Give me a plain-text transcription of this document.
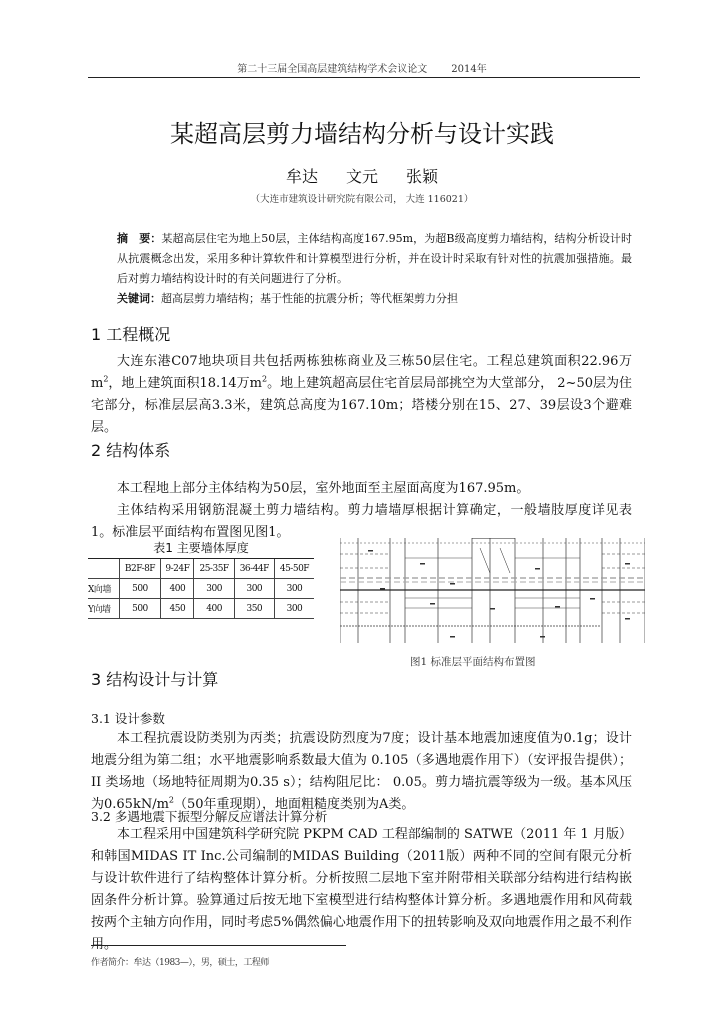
第二十三届全国高层建筑结构学术会议论文 2014年
某超高层剪力墙结构分析与设计实践
牟达 文元 张颖
（大连市建筑设计研究院有限公司， 大连 116021）
摘　要：某超高层住宅为地上50层，主体结构高度167.95m，为超B级高度剪力墙结构，结构分析设计时从抗震概念出发，采用多种计算软件和计算模型进行分析，并在设计时采取有针对性的抗震加强措施。最后对剪力墙结构设计时的有关问题进行了分析。
关键词：超高层剪力墙结构；基于性能的抗震分析；等代框架剪力分担
1 工程概况

大连东港C07地块项目共包括两栋独栋商业及三栋50层住宅。工程总建筑面积22.96万$m^2$，地上建筑面积18.14万$m^2$。地上建筑超高层住宅首层局部挑空为大堂部分， 2~50层为住宅部分，标准层层高3.3米，建筑总高度为167.10m；塔楼分别在15、27、39层设3个避难层。

2 结构体系

本工程地上部分主体结构为50层，室外地面至主屋面高度为167.95m。

主体结构采用钢筋混凝土剪力墙结构。剪力墙墙厚根据计算确定，一般墙肢厚度详见表1。标准层平面结构布置图见图1。

表1 主要墙体厚度
	B2F-8F	9-24F	25-35F	36-44F	45-50F
X向墙	500	400	300	300	300
Y向墙	500	450	400	350	300
图1 标准层平面结构布置图
3 结构设计与计算
3.1 设计参数

本工程抗震设防类别为丙类；抗震设防烈度为7度；设计基本地震加速度值为0.1g；设计地震分组为第二组；水平地震影响系数最大值为 0.105（多遇地震作用下）（安评报告提供）；II 类场地（场地特征周期为0.35 s）；结构阻尼比： 0.05。剪力墙抗震等级为一级。基本风压为$0.65kN/m^2(50$年重现期），地面粗糙度类别为A类。

3.2 多遇地震下振型分解反应谱法计算分析

本工程采用中国建筑科学研究院 PKPM CAD 工程部编制的 SATWE（2011 年 1 月版）和韩国MIDAS IT Inc.公司编制的MIDAS Building（2011版）两种不同的空间有限元分析与设计软件进行了结构整体计算分析。分析按照二层地下室并附带相关联部分结构进行结构嵌固条件分析计算。验算通过后按无地下室模型进行结构整体计算分析。多遇地震作用和风荷载按两个主轴方向作用，同时考虑5%偶然偏心地震作用下的扭转影响及双向地震作用之最不利作用。

作者简介：牟达（1983—），男，硕士，工程师
